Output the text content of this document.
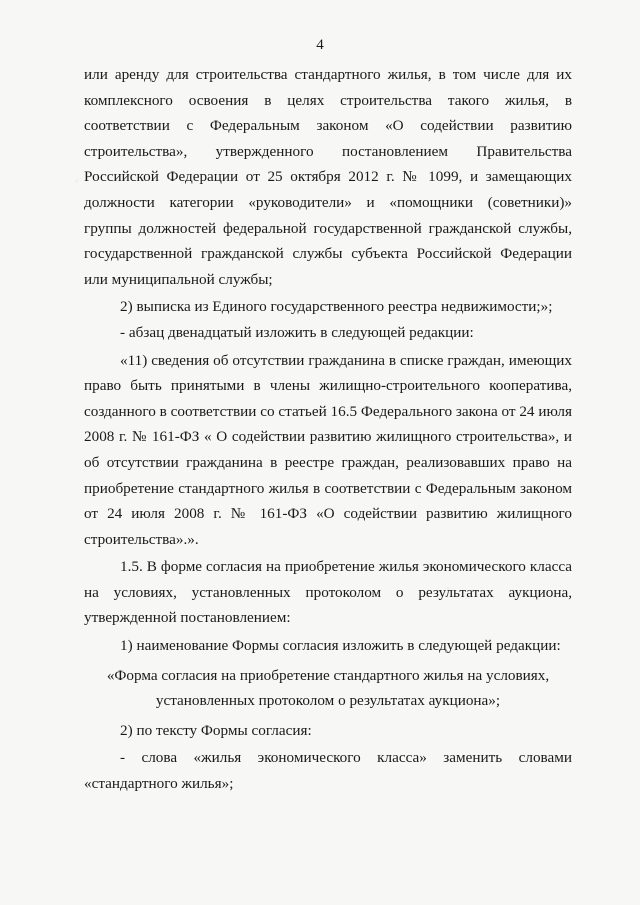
4
или аренду для строительства стандартного жилья, в том числе для их
комплексного освоения в целях строительства такого жилья, в
соответствии с Федеральным законом «О содействии развитию
строительства», утвержденного постановлением Правительства
Российской Федерации от 25 октября 2012 г. № 1099, и замещающих
должности категории «руководители» и «помощники (советники)»
группы должностей федеральной государственной гражданской службы,
государственной гражданской службы субъекта Российской Федерации
или муниципальной службы;
2) выписка из Единого государственного реестра недвижимости;»;
- абзац двенадцатый изложить в следующей редакции:
«11) сведения об отсутствии гражданина в списке граждан, имеющих
право быть принятыми в члены жилищно-строительного кооператива,
созданного в соответствии со статьей 16.5 Федерального закона от 24 июля
2008 г. № 161-ФЗ « О содействии развитию жилищного строительства», и
об отсутствии гражданина в реестре граждан, реализовавших право на
приобретение стандартного жилья в соответствии с Федеральным законом
от 24 июля 2008 г. № 161-ФЗ «О содействии развитию жилищного
строительства».».
1.5. В форме согласия на приобретение жилья экономического класса
на условиях, установленных протоколом о результатах аукциона,
утвержденной постановлением:
1) наименование Формы согласия изложить в следующей редакции:
«Форма согласия на приобретение стандартного жилья на условиях,
установленных протоколом о результатах аукциона»;
2) по тексту Формы согласия:
- слова «жилья экономического класса» заменить словами
«стандартного жилья»;
